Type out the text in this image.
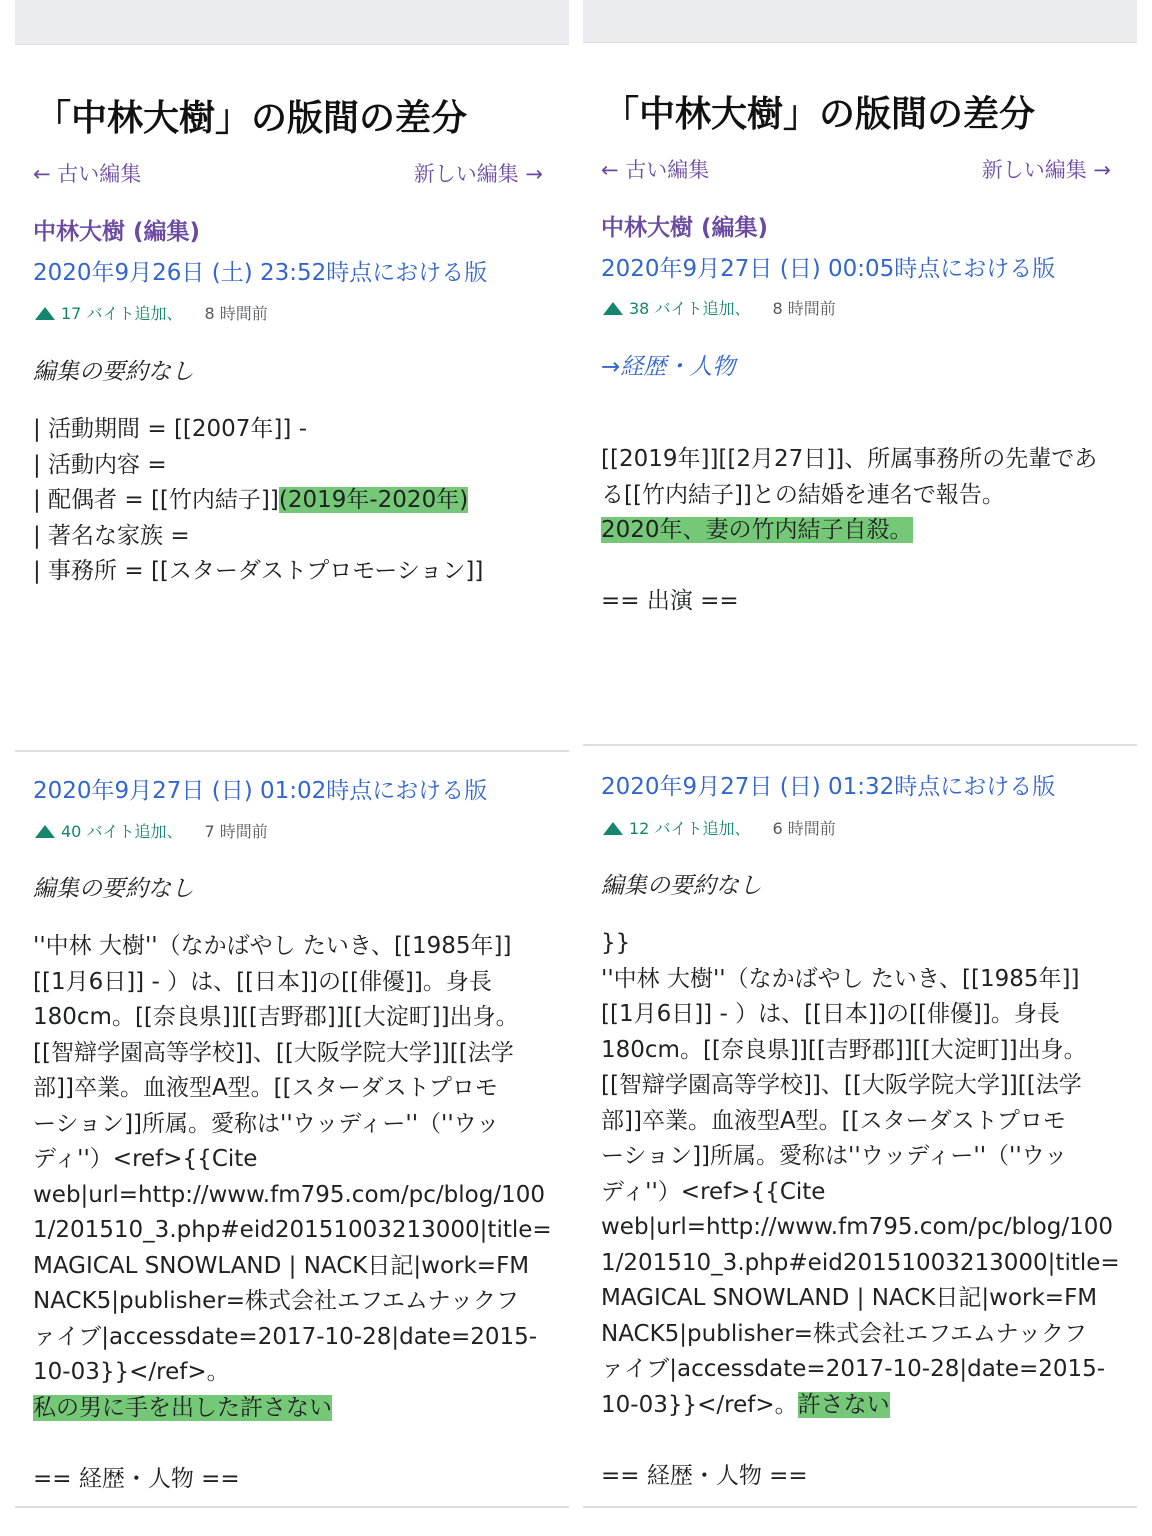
「中林大樹」の版間の差分
← 古い編集	新しい編集 →
中林大樹 (編集)
2020年9月26日 (土) 23:52時点における版
17 バイト追加、 8 時間前
編集の要約なし
| 活動期間 = [[2007年]] -
| 活動内容 =
| 配偶者 = [[竹内結子]](2019年-2020年)
| 著名な家族 =
| 事務所 = [[スターダストプロモーション]]
「中林大樹」の版間の差分
← 古い編集	新しい編集 →
中林大樹 (編集)
2020年9月27日 (日) 00:05時点における版
38 バイト追加、 8 時間前
→経歴・人物
[[2019年]][[2月27日]]、所属事務所の先輩であ
る[[竹内結子]]との結婚を連名で報告。
2020年、妻の竹内結子自殺。
== 出演 ==
2020年9月27日 (日) 01:02時点における版
40 バイト追加、 7 時間前
編集の要約なし
''中林 大樹''（なかばやし たいき、[[1985年]]
[[1月6日]] - ）は、[[日本]]の[[俳優]]。身長
180cm。[[奈良県]][[吉野郡]][[大淀町]]出身。
[[智辯学園高等学校]]、[[大阪学院大学]][[法学
部]]卒業。血液型A型。[[スターダストプロモ
ーション]]所属。愛称は''ウッディー''（''ウッ
ディ''）<ref>{{Cite
web|url=http://www.fm795.com/pc/blog/100
1/201510_3.php#eid20151003213000|title=
MAGICAL SNOWLAND | NACK日記|work=FM
NACK5|publisher=株式会社エフエムナックフ
ァイブ|accessdate=2017-10-28|date=2015-
10-03}}</ref>。
私の男に手を出した許さない
== 経歴・人物 ==
2020年9月27日 (日) 01:32時点における版
12 バイト追加、 6 時間前
編集の要約なし
}}
''中林 大樹''（なかばやし たいき、[[1985年]]
[[1月6日]] - ）は、[[日本]]の[[俳優]]。身長
180cm。[[奈良県]][[吉野郡]][[大淀町]]出身。
[[智辯学園高等学校]]、[[大阪学院大学]][[法学
部]]卒業。血液型A型。[[スターダストプロモ
ーション]]所属。愛称は''ウッディー''（''ウッ
ディ''）<ref>{{Cite
web|url=http://www.fm795.com/pc/blog/100
1/201510_3.php#eid20151003213000|title=
MAGICAL SNOWLAND | NACK日記|work=FM
NACK5|publisher=株式会社エフエムナックフ
ァイブ|accessdate=2017-10-28|date=2015-
10-03}}</ref>。許さない
== 経歴・人物 ==
